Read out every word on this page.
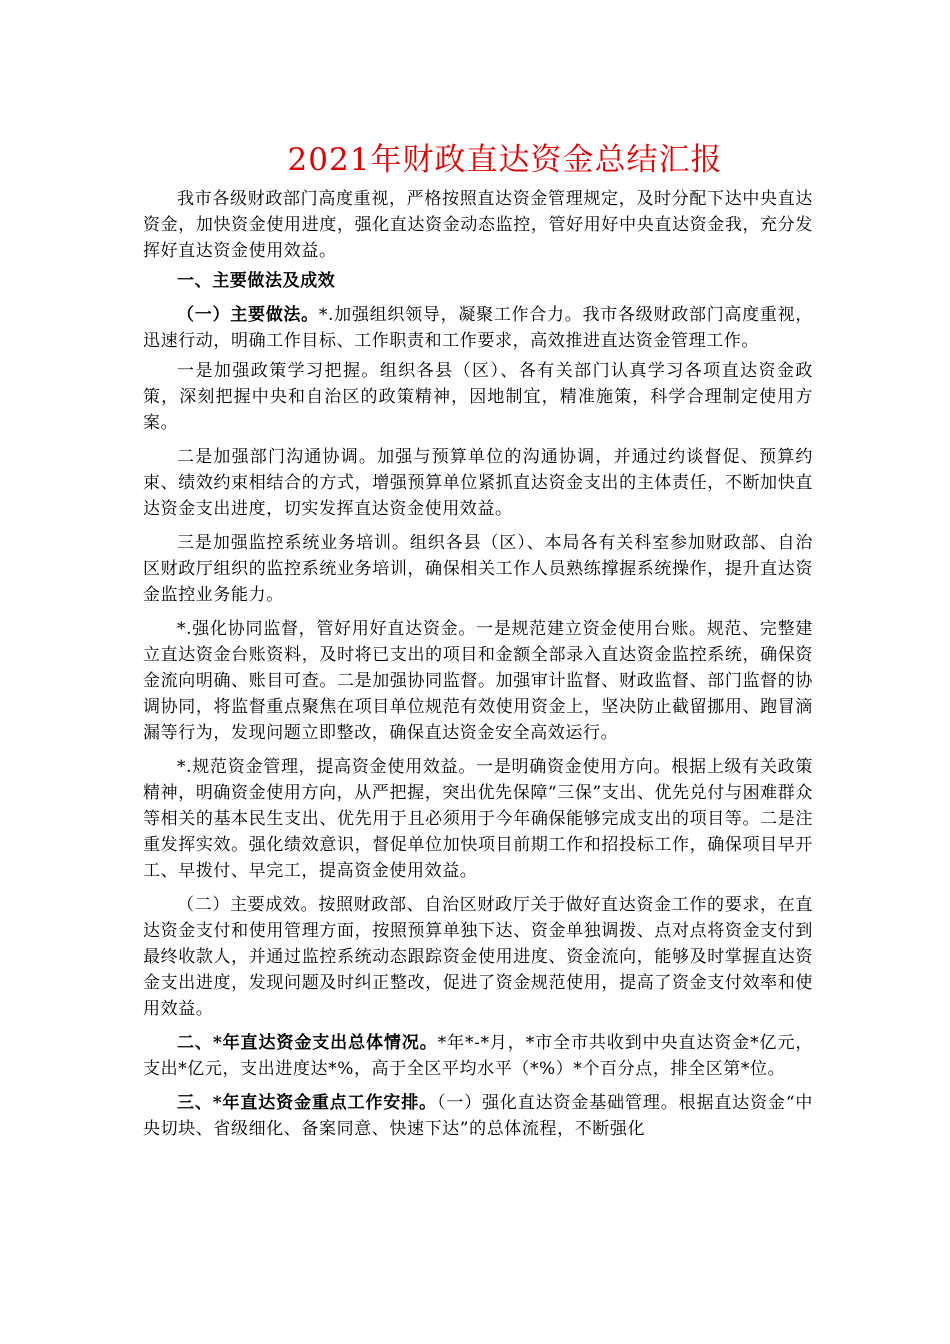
2021年财政直达资金总结汇报

我市各级财政部门高度重视，严格按照直达资金管理规定，及时分配下达中央直达资金，加快资金使用进度，强化直达资金动态监控，管好用好中央直达资金我，充分发挥好直达资金使用效益。

一、主要做法及成效

（一）主要做法。*.加强组织领导，凝聚工作合力。我市各级财政部门高度重视，迅速行动，明确工作目标、工作职责和工作要求，高效推进直达资金管理工作。

一是加强政策学习把握。组织各县（区）、各有关部门认真学习各项直达资金政策，深刻把握中央和自治区的政策精神，因地制宜，精准施策，科学合理制定使用方案。

二是加强部门沟通协调。加强与预算单位的沟通协调，并通过约谈督促、预算约束、绩效约束相结合的方式，增强预算单位紧抓直达资金支出的主体责任，不断加快直达资金支出进度，切实发挥直达资金使用效益。

三是加强监控系统业务培训。组织各县（区）、本局各有关科室参加财政部、自治区财政厅组织的监控系统业务培训，确保相关工作人员熟练撑握系统操作，提升直达资金监控业务能力。

*.强化协同监督，管好用好直达资金。一是规范建立资金使用台账。规范、完整建立直达资金台账资料，及时将已支出的项目和金额全部录入直达资金监控系统，确保资金流向明确、账目可查。二是加强协同监督。加强审计监督、财政监督、部门监督的协调协同，将监督重点聚焦在项目单位规范有效使用资金上，坚决防止截留挪用、跑冒滴漏等行为，发现问题立即整改，确保直达资金安全高效运行。

*.规范资金管理，提高资金使用效益。一是明确资金使用方向。根据上级有关政策精神，明确资金使用方向，从严把握，突出优先保障“三保”支出、优先兑付与困难群众等相关的基本民生支出、优先用于且必须用于今年确保能够完成支出的项目等。二是注重发挥实效。强化绩效意识，督促单位加快项目前期工作和招投标工作，确保项目早开工、早拨付、早完工，提高资金使用效益。

（二）主要成效。按照财政部、自治区财政厅关于做好直达资金工作的要求，在直达资金支付和使用管理方面，按照预算单独下达、资金单独调拨、点对点将资金支付到最终收款人，并通过监控系统动态跟踪资金使用进度、资金流向，能够及时掌握直达资金支出进度，发现问题及时纠正整改，促进了资金规范使用，提高了资金支付效率和使用效益。

二、*年直达资金支出总体情况。*年*-*月，*市全市共收到中央直达资金*亿元，支出*亿元，支出进度达*%，高于全区平均水平（*%）*个百分点，排全区第*位。

三、*年直达资金重点工作安排。（一）强化直达资金基础管理。根据直达资金“中央切块、省级细化、备案同意、快速下达”的总体流程，不断强化
